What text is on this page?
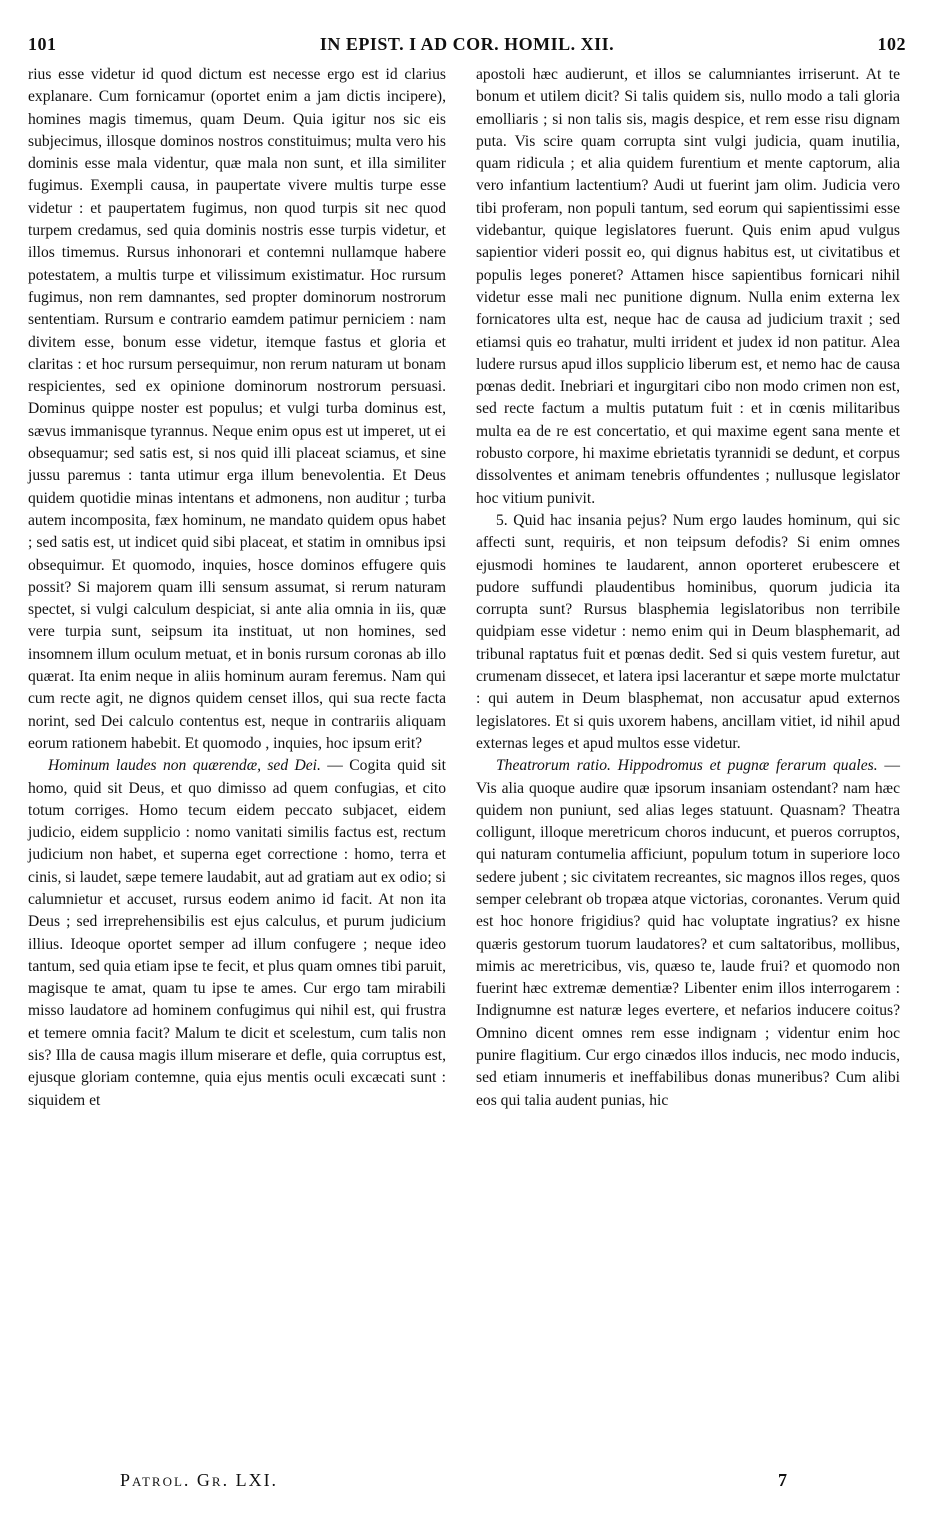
101	IN EPIST. I AD COR. HOMIL. XII.	102

rius esse videtur id quod dictum est necesse ergo est id clarius explanare. Cum fornicamur (oportet enim a jam dictis incipere), homines magis timemus, quam Deum. Quia igitur nos sic eis subjecimus, illosque dominos nostros constituimus; multa vero his dominis esse mala videntur, quæ mala non sunt, et illa similiter fugimus. Exempli causa, in paupertate vivere multis turpe esse videtur : et paupertatem fugimus, non quod turpis sit nec quod turpem credamus, sed quia dominis nostris esse turpis videtur, et illos timemus. Rursus inhonorari et contemni nullamque habere potestatem, a multis turpe et vilissimum existimatur. Hoc rursum fugimus, non rem damnantes, sed propter dominorum nostrorum sententiam. Rursum e contrario eamdem patimur perniciem : nam divitem esse, bonum esse videtur, itemque fastus et gloria et claritas : et hoc rursum persequimur, non rerum naturam ut bonam respicientes, sed ex opinione dominorum nostrorum persuasi. Dominus quippe noster est populus; et vulgi turba dominus est, sævus immanisque tyrannus. Neque enim opus est ut imperet, ut ei obsequamur; sed satis est, si nos quid illi placeat sciamus, et sine jussu paremus : tanta utimur erga illum benevolentia. Et Deus quidem quotidie minas intentans et admonens, non auditur ; turba autem incomposita, fæx hominum, ne mandato quidem opus habet ; sed satis est, ut indicet quid sibi placeat, et statim in omnibus ipsi obsequimur. Et quomodo, inquies, hosce dominos effugere quis possit? Si majorem quam illi sensum assumat, si rerum naturam spectet, si vulgi calculum despiciat, si ante alia omnia in iis, quæ vere turpia sunt, seipsum ita instituat, ut non homines, sed insomnem illum oculum metuat, et in bonis rursum coronas ab illo quærat. Ita enim neque in aliis hominum auram feremus. Nam qui cum recte agit, ne dignos quidem censet illos, qui sua recte facta norint, sed Dei calculo contentus est, neque in contrariis aliquam eorum rationem habebit. Et quomodo , inquies, hoc ipsum erit?

Hominum laudes non quærendæ, sed Dei. — Cogita quid sit homo, quid sit Deus, et quo dimisso ad quem confugias, et cito totum corriges. Homo tecum eidem peccato subjacet, eidem judicio, eidem supplicio : nomo vanitati similis factus est, rectum judicium non habet, et superna eget correctione : homo, terra et cinis, si laudet, sæpe temere laudabit, aut ad gratiam aut ex odio; si calumnietur et accuset, rursus eodem animo id facit. At non ita Deus ; sed irreprehensibilis est ejus calculus, et purum judicium illius. Ideoque oportet semper ad illum confugere ; neque ideo tantum, sed quia etiam ipse te fecit, et plus quam omnes tibi paruit, magisque te amat, quam tu ipse te ames. Cur ergo tam mirabili misso laudatore ad hominem confugimus qui nihil est, qui frustra et temere omnia facit? Malum te dicit et scelestum, cum talis non sis? Illa de causa magis illum miserare et defle, quia corruptus est, ejusque gloriam contemne, quia ejus mentis oculi excæcati sunt : siquidem et

apostoli hæc audierunt, et illos se calumniantes irriserunt. At te bonum et utilem dicit? Si talis quidem sis, nullo modo a tali gloria emolliaris ; si non talis sis, magis despice, et rem esse risu dignam puta. Vis scire quam corrupta sint vulgi judicia, quam inutilia, quam ridicula ; et alia quidem furentium et mente captorum, alia vero infantium lactentium? Audi ut fuerint jam olim. Judicia vero tibi proferam, non populi tantum, sed eorum qui sapientissimi esse videbantur, quique legislatores fuerunt. Quis enim apud vulgus sapientior videri possit eo, qui dignus habitus est, ut civitatibus et populis leges poneret? Attamen hisce sapientibus fornicari nihil videtur esse mali nec punitione dignum. Nulla enim externa lex fornicatores ulta est, neque hac de causa ad judicium traxit ; sed etiamsi quis eo trahatur, multi irrident et judex id non patitur. Alea ludere rursus apud illos supplicio liberum est, et nemo hac de causa pœnas dedit. Inebriari et ingurgitari cibo non modo crimen non est, sed recte factum a multis putatum fuit : et in cœnis militaribus multa ea de re est concertatio, et qui maxime egent sana mente et robusto corpore, hi maxime ebrietatis tyrannidi se dedunt, et corpus dissolventes et animam tenebris offundentes ; nullusque legislator hoc vitium punivit.

5. Quid hac insania pejus? Num ergo laudes hominum, qui sic affecti sunt, requiris, et non teipsum defodis? Si enim omnes ejusmodi homines te laudarent, annon oporteret erubescere et pudore suffundi plaudentibus hominibus, quorum judicia ita corrupta sunt? Rursus blasphemia legislatoribus non terribile quidpiam esse videtur : nemo enim qui in Deum blasphemarit, ad tribunal raptatus fuit et pœnas dedit. Sed si quis vestem furetur, aut crumenam dissecet, et latera ipsi lacerantur et sæpe morte mulctatur : qui autem in Deum blasphemat, non accusatur apud externos legislatores. Et si quis uxorem habens, ancillam vitiet, id nihil apud externas leges et apud multos esse videtur.

Theatrorum ratio. Hippodromus et pugnæ ferarum quales. — Vis alia quoque audire quæ ipsorum insaniam ostendant? nam hæc quidem non puniunt, sed alias leges statuunt. Quasnam? Theatra colligunt, illoque meretricum choros inducunt, et pueros corruptos, qui naturam contumelia afficiunt, populum totum in superiore loco sedere jubent ; sic civitatem recreantes, sic magnos illos reges, quos semper celebrant ob tropæa atque victorias, coronantes. Verum quid est hoc honore frigidius? quid hac voluptate ingratius? ex hisne quæris gestorum tuorum laudatores? et cum saltatoribus, mollibus, mimis ac meretricibus, vis, quæso te, laude frui? et quomodo non fuerint hæc extremæ dementiæ? Libenter enim illos interrogarem : Indignumne est naturæ leges evertere, et nefarios inducere coitus? Omnino dicent omnes rem esse indignam ; videntur enim hoc punire flagitium. Cur ergo cinædos illos inducis, nec modo inducis, sed etiam innumeris et ineffabilibus donas muneribus? Cum alibi eos qui talia audent punias, hic

Patrol. Gr. LXI.	7
